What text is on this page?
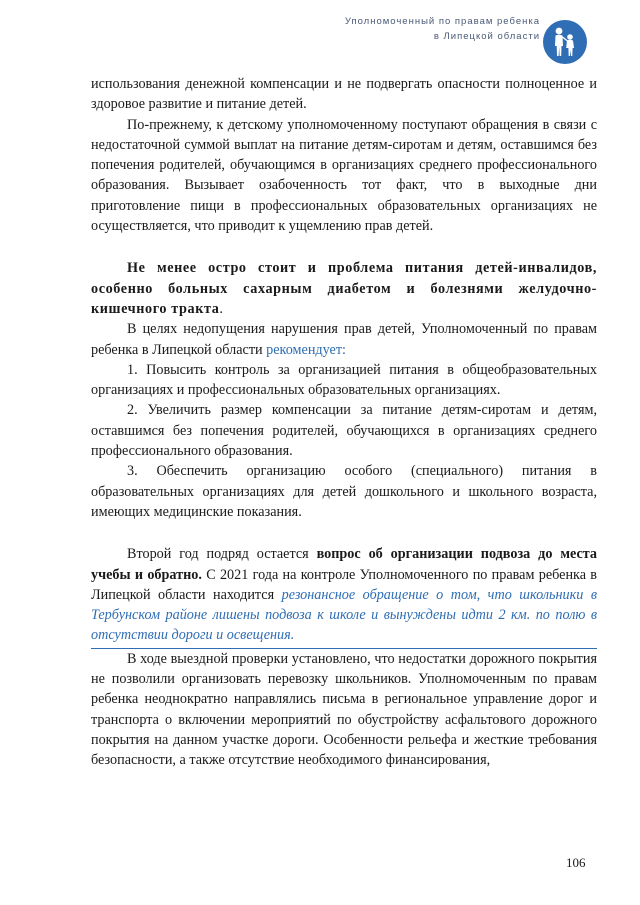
Уполномоченный по правам ребенка
в Липецкой области

использования денежной компенсации и не подвергать опасности полноценное и здоровое развитие и питание детей.

По-прежнему, к детскому уполномоченному поступают обращения в связи с недостаточной суммой выплат на питание детям-сиротам и детям, оставшимся без попечения родителей, обучающимся в организациях среднего профессионального образования. Вызывает озабоченность тот факт, что в выходные дни приготовление пищи в профессиональных образовательных организациях не осуществляется, что приводит к ущемлению прав детей.

Не менее остро стоит и проблема питания детей-инвалидов, особенно больных сахарным диабетом и болезнями желудочно-кишечного тракта.

В целях недопущения нарушения прав детей, Уполномоченный по правам ребенка в Липецкой области рекомендует:

1. Повысить контроль за организацией питания в общеобразовательных организациях и профессиональных образовательных организациях.

2. Увеличить размер компенсации за питание детям-сиротам и детям, оставшимся без попечения родителей, обучающихся в организациях среднего профессионального образования.

3. Обеспечить организацию особого (специального) питания в образовательных организациях для детей дошкольного и школьного возраста, имеющих медицинские показания.

Второй год подряд остается вопрос об организации подвоза до места учебы и обратно. С 2021 года на контроле Уполномоченного по правам ребенка в Липецкой области находится резонансное обращение о том, что школьники в Тербунском районе лишены подвоза к школе и вынуждены идти 2 км. по полю в отсутствии дороги и освещения.

В ходе выездной проверки установлено, что недостатки дорожного покрытия не позволили организовать перевозку школьников. Уполномоченным по правам ребенка неоднократно направлялись письма в региональное управление дорог и транспорта о включении мероприятий по обустройству асфальтового дорожного покрытия на данном участке дороги. Особенности рельефа и жесткие требования безопасности, а также отсутствие необходимого финансирования,

106
